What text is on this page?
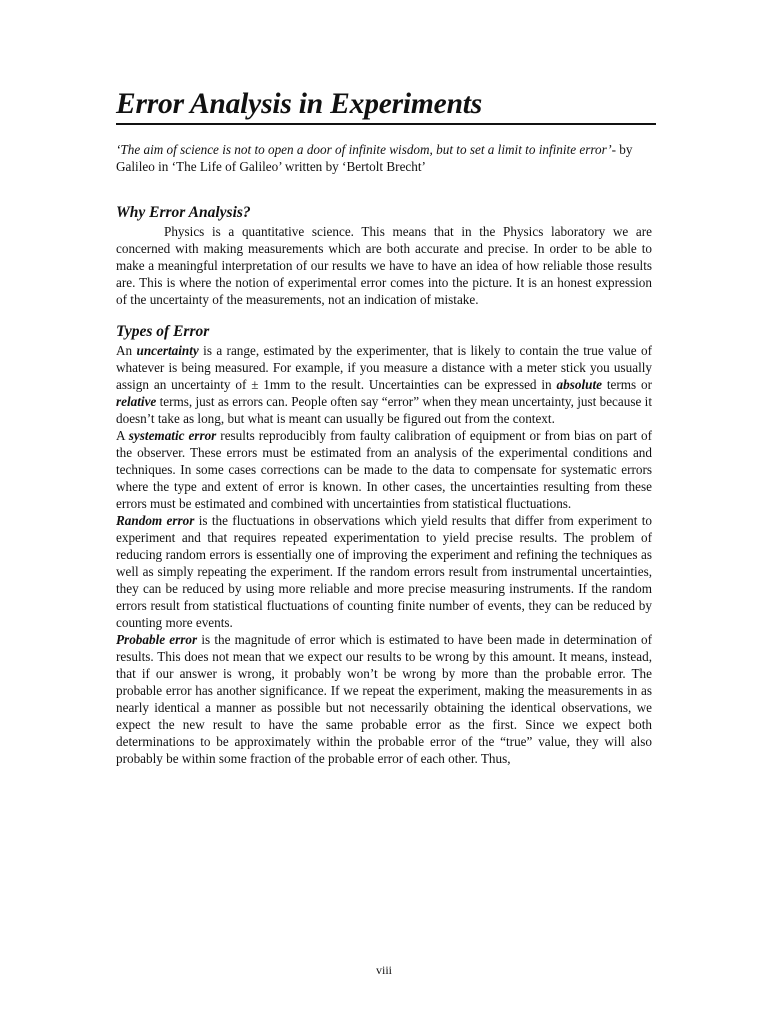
Error Analysis in Experiments
‘The aim of science is not to open a door of infinite wisdom, but to set a limit to infinite error’- by Galileo in ‘The Life of Galileo’ written by ‘Bertolt Brecht’
Why Error Analysis?

Physics is a quantitative science. This means that in the Physics laboratory we are concerned with making measurements which are both accurate and precise. In order to be able to make a meaningful interpretation of our results we have to have an idea of how reliable those results are. This is where the notion of experimental error comes into the picture. It is an honest expression of the uncertainty of the measurements, not an indication of mistake.

Types of Error

An uncertainty is a range, estimated by the experimenter, that is likely to contain the true value of whatever is being measured. For example, if you measure a distance with a meter stick you usually assign an uncertainty of ± 1mm to the result. Uncertainties can be expressed in absolute terms or relative terms, just as errors can. People often say “error” when they mean uncertainty, just because it doesn’t take as long, but what is meant can usually be figured out from the context.

A systematic error results reproducibly from faulty calibration of equipment or from bias on part of the observer. These errors must be estimated from an analysis of the experimental conditions and techniques. In some cases corrections can be made to the data to compensate for systematic errors where the type and extent of error is known. In other cases, the uncertainties resulting from these errors must be estimated and combined with uncertainties from statistical fluctuations.

Random error is the fluctuations in observations which yield results that differ from experiment to experiment and that requires repeated experimentation to yield precise results. The problem of reducing random errors is essentially one of improving the experiment and refining the techniques as well as simply repeating the experiment. If the random errors result from instrumental uncertainties, they can be reduced by using more reliable and more precise measuring instruments. If the random errors result from statistical fluctuations of counting finite number of events, they can be reduced by counting more events.

Probable error is the magnitude of error which is estimated to have been made in determination of results. This does not mean that we expect our results to be wrong by this amount. It means, instead, that if our answer is wrong, it probably won’t be wrong by more than the probable error. The probable error has another significance. If we repeat the experiment, making the measurements in as nearly identical a manner as possible but not necessarily obtaining the identical observations, we expect the new result to have the same probable error as the first. Since we expect both determinations to be approximately within the probable error of the “true” value, they will also probably be within some fraction of the probable error of each other. Thus,

viii
